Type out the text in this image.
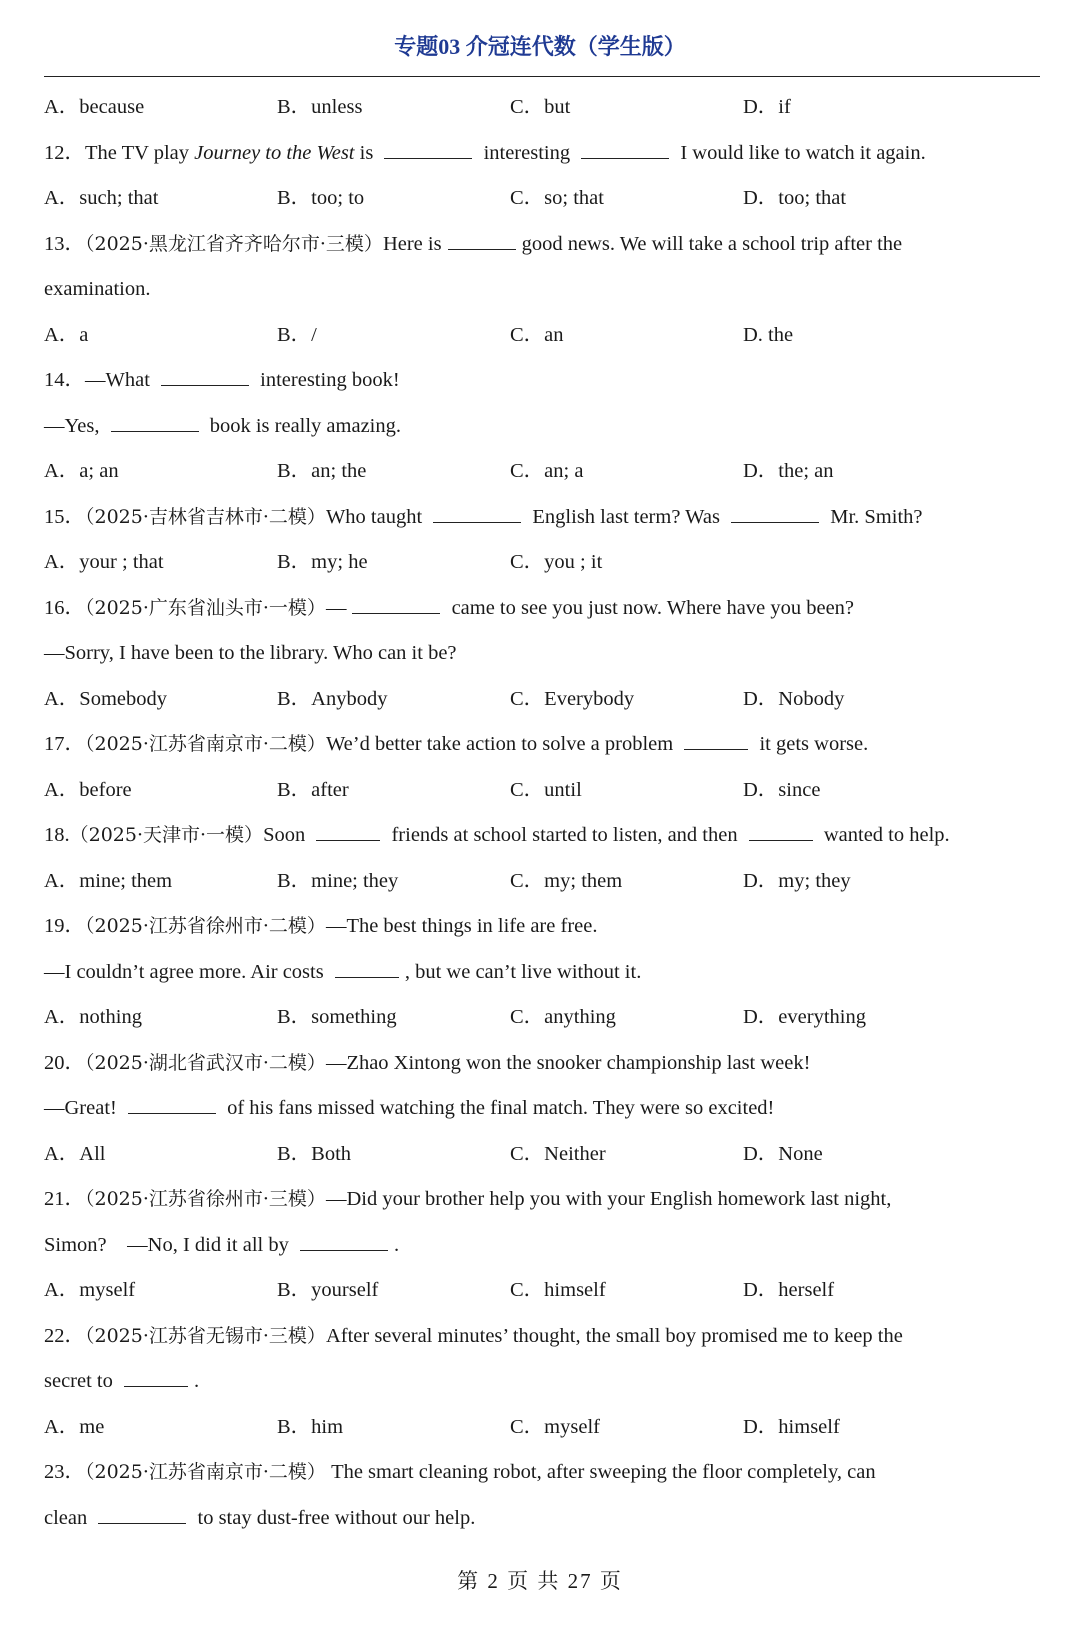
专题03 介冠连代数（学生版）
A．because	B．unless	C．but	D．if
12．The TV play Journey to the West is	interesting	I would like to watch it again.
A．such; that	B．too; to	C．so; that	D．too; that
13．（2025·黑龙江省齐齐哈尔市·三模）Here is	good news. We will take a school trip after the
examination.
A．a	B．/	C．an	D. the
14．—What	interesting book!
—Yes,	book is really amazing.
A．a; an	B．an; the	C．an; a	D．the; an
15．（2025·吉林省吉林市·二模）Who taught	English last term? Was	Mr. Smith?
A．your ; that	B．my; he	C．you ; it
16．（2025·广东省汕头市·一模）—	came to see you just now. Where have you been?
—Sorry, I have been to the library. Who can it be?
A．Somebody	B．Anybody	C．Everybody	D．Nobody
17．（2025·江苏省南京市·二模）We’d better take action to solve a problem	it gets worse.
A．before	B．after	C．until	D．since
18.（2025·天津市·一模）Soon	friends at school started to listen, and then	wanted to help.
A．mine; them	B．mine; they	C．my; them	D．my; they
19．（2025·江苏省徐州市·二模）—The best things in life are free.
—I couldn’t agree more. Air costs	, but we can’t live without it.
A．nothing	B．something	C．anything	D．everything
20．（2025·湖北省武汉市·二模）—Zhao Xintong won the snooker championship last week!
—Great!	of his fans missed watching the final match. They were so excited!
A．All	B．Both	C．Neither	D．None
21．（2025·江苏省徐州市·三模）—Did your brother help you with your English homework last night,
Simon? —No, I did it all by	.
A．myself	B．yourself	C．himself	D．herself
22．（2025·江苏省无锡市·三模）After several minutes’ thought, the small boy promised me to keep the
secret to	.
A．me	B．him	C．myself	D．himself
23．（2025·江苏省南京市·二模） The smart cleaning robot, after sweeping the floor completely, can
clean	to stay dust-free without our help.
第 2 页 共 27 页
